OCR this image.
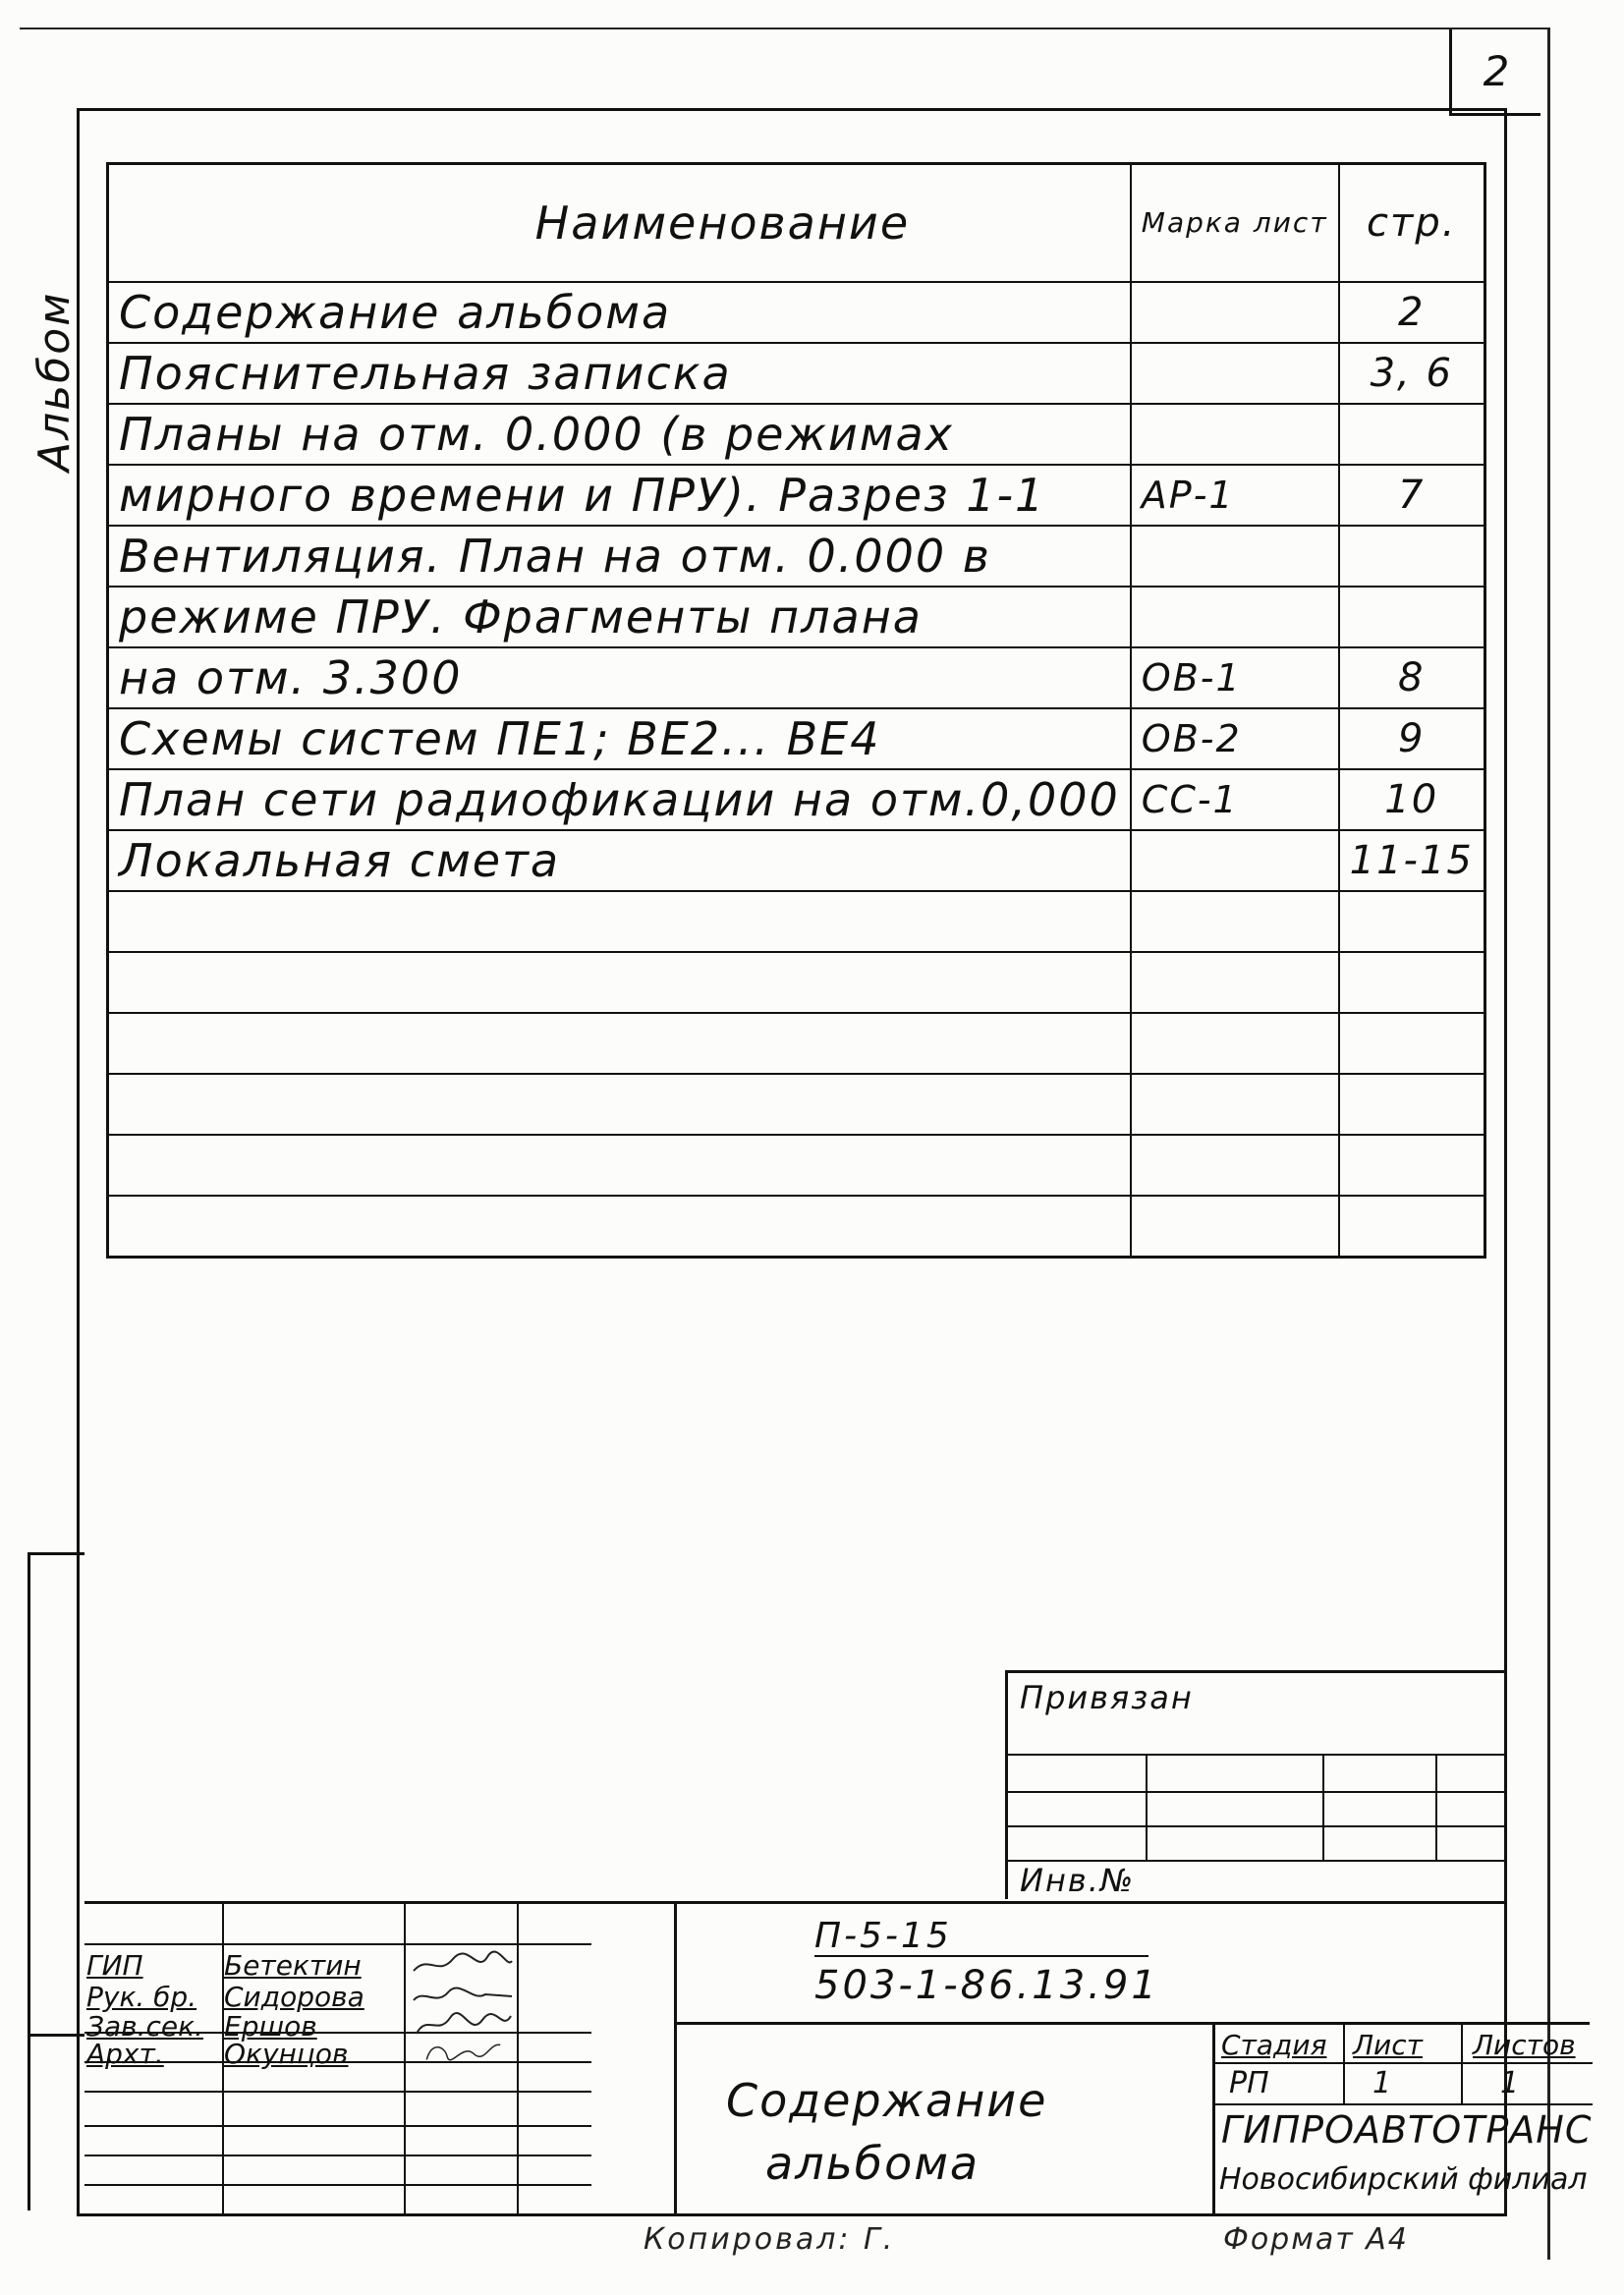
2
Альбом
Наименование	Марка лист	стр.
Содержание альбома		2
Пояснительная записка		3, 6
Планы на отм. 0.000 (в режимах		
мирного времени и ПРУ). Разрез 1-1	АР-1	7
Вентиляция. План на отм. 0.000 в		
режиме ПРУ. Фрагменты плана		
на отм. 3.300	ОВ-1	8
Схемы систем ПЕ1; ВЕ2... ВЕ4	ОВ-2	9
План сети радиофикации на отм.0,000	СС-1	10
Локальная смета		11-15

Привязан
Инв.№
ГИП	Бетектин
Рук. бр. Сидорова
Зав.сек. Ершов
Архт.	Окунцов
П-5-15
503-1-86.13.91
Содержание
альбома
Стадия Лист Листов
РП	1	1
ГИПРОАВТОТРАНС
Новосибирский филиал
Копировал: Г.	Формат А4
